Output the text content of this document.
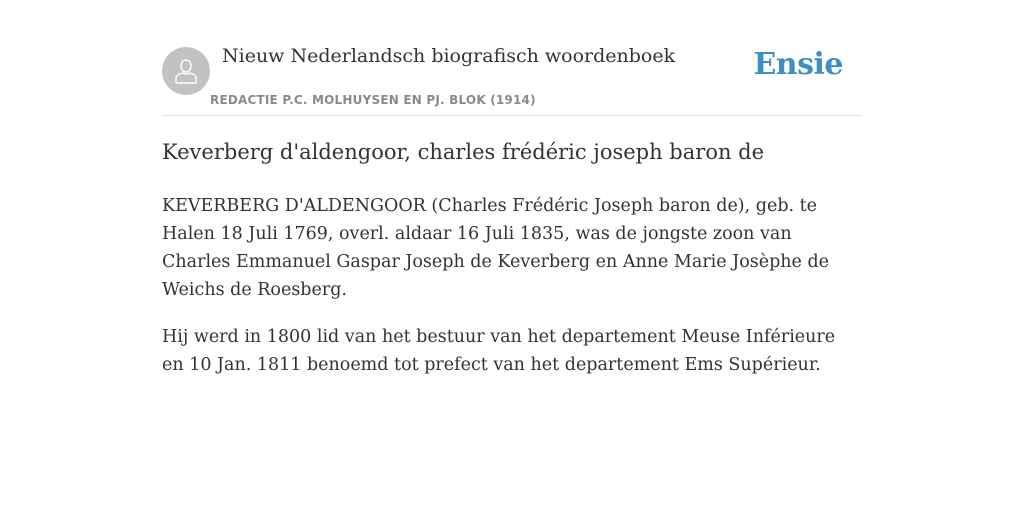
Nieuw Nederlandsch biografisch woordenboek
REDACTIE P.C. MOLHUYSEN EN PJ. BLOK (1914)
Ensie
Keverberg d'aldengoor, charles frédéric joseph baron de

KEVERBERG D'ALDENGOOR (Charles Frédéric Joseph baron de), geb. te Halen 18 Juli 1769, overl. aldaar 16 Juli 1835, was de jongste zoon van Charles Emmanuel Gaspar Joseph de Keverberg en Anne Marie Josèphe de Weichs de Roesberg.

Hij werd in 1800 lid van het bestuur van het departement Meuse Inférieure en 10 Jan. 1811 benoemd tot prefect van het departement Ems Supérieur.
